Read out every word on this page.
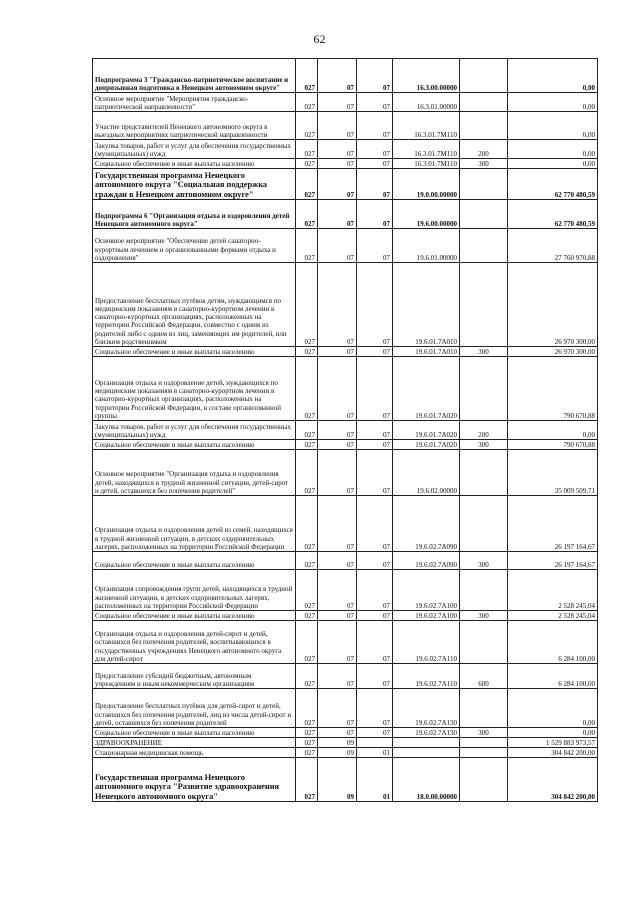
62
Подпрограмма 3 "Гражданско-патриотическое воспитание и допризывная подготовка в Ненецком автономном округе"	027	07	07	16.3.00.00000		0,00
Основное мероприятие "Мероприятия гражданско-патриотической направленности"	027	07	07	16.3.01.00000		0,00
Участие представителей Ненецкого автономного округа в выездных мероприятиях патриотической направленности	027	07	07	16.3.01.7М110		0,00
Закупка товаров, работ и услуг для обеспечения государственных (муниципальных) нужд	027	07	07	16.3.01.7М110	200	0,00
Социальное обеспечение и иные выплаты населению	027	07	07	16.3.01.7М110	300	0,00
Государственная программа Ненецкого автономного округа "Социальная поддержка граждан в Ненецком автономном округе"	027	07	07	19.0.00.00000		62 770 480,59
Подпрограмма 6 "Организация отдыха и оздоровления детей Ненецкого автономного округа"	027	07	07	19.6.00.00000		62 770 480,59
Основное мероприятие "Обеспечение детей санаторно-курортным лечением и организованными формами отдыха и оздоровления"	027	07	07	19.6.01.00000		27 760 970,88
Предоставление бесплатных путёвок детям, нуждающимся по медицинским показаниям в санаторно-курортном лечении в санаторно-курортных организациях, расположенных на территории Российской Федерации, совместно с одним из родителей либо с одним из лиц, заменяющих им родителей, или близким родственником	027	07	07	19.6.01.7А010		26 970 300,00
Социальное обеспечение и иные выплаты населению	027	07	07	19.6.01.7А010	300	26 970 300,00
Организация отдыха и оздоровление детей, нуждающихся по медицинским показаниям в санаторно-курортном лечении в санаторно-курортных организациях, расположенных на территории Российской Федерации, в составе организованной группы	027	07	07	19.6.01.7А020		790 670,88
Закупка товаров, работ и услуг для обеспечения государственных (муниципальных) нужд	027	07	07	19.6.01.7А020	200	0,00
Социальное обеспечение и иные выплаты населению	027	07	07	19.6.01.7А020	300	790 670,88
Основное мероприятие "Организация отдыха и оздоровления детей, находящихся в трудной жизненной ситуации, детей-сирот и детей, оставшихся без попечения родителей"	027	07	07	19.6.02.00000		35 009 509,71
Организация отдыха и оздоровления детей из семей, находящихся в трудной жизненной ситуации, в детских оздоровительных лагерях, расположенных на территории Российской Федерации	027	07	07	19.6.02.7А090		26 197 164,67
Социальное обеспечение и иные выплаты населению	027	07	07	19.6.02.7А090	300	26 197 164,67
Организация сопровождения групп детей, находящихся в трудной жизненной ситуации, в детских оздоровительных лагерях, расположенных на территории Российской Федерации	027	07	07	19.6.02.7А100		2 528 245,04
Социальное обеспечение и иные выплаты населению	027	07	07	19.6.02.7А100	300	2 528 245,04
Организация отдыха и оздоровления детей-сирот и детей, оставшихся без попечения родителей, воспитывающихся в государственных учреждениях Ненецкого автономного округа для детей-сирот	027	07	07	19.6.02.7А110		6 284 100,00
Предоставление субсидий бюджетным, автономным учреждениям и иным некоммерческим организациям	027	07	07	19.6.02.7А110	600	6 284 100,00
Предоставление бесплатных путёвок для детей-сирот и детей, оставшихся без попечения родителей, лиц из числа детей-сирот и детей, оставшихся без попечения родителей	027	07	07	19.6.02.7А130		0,00
Социальное обеспечение и иные выплаты населению	027	07	07	19.6.02.7А130	300	0,00
ЗДРАВООХРАНЕНИЕ	027	09				1 529 883 973,57
Стационарная медицинская помощь	027	09	01			304 842 200,00
Государственная программа Ненецкого автономного округа "Развитие здравоохранения Ненецкого автономного округа"	027	09	01	18.0.00.00000		304 842 200,00
